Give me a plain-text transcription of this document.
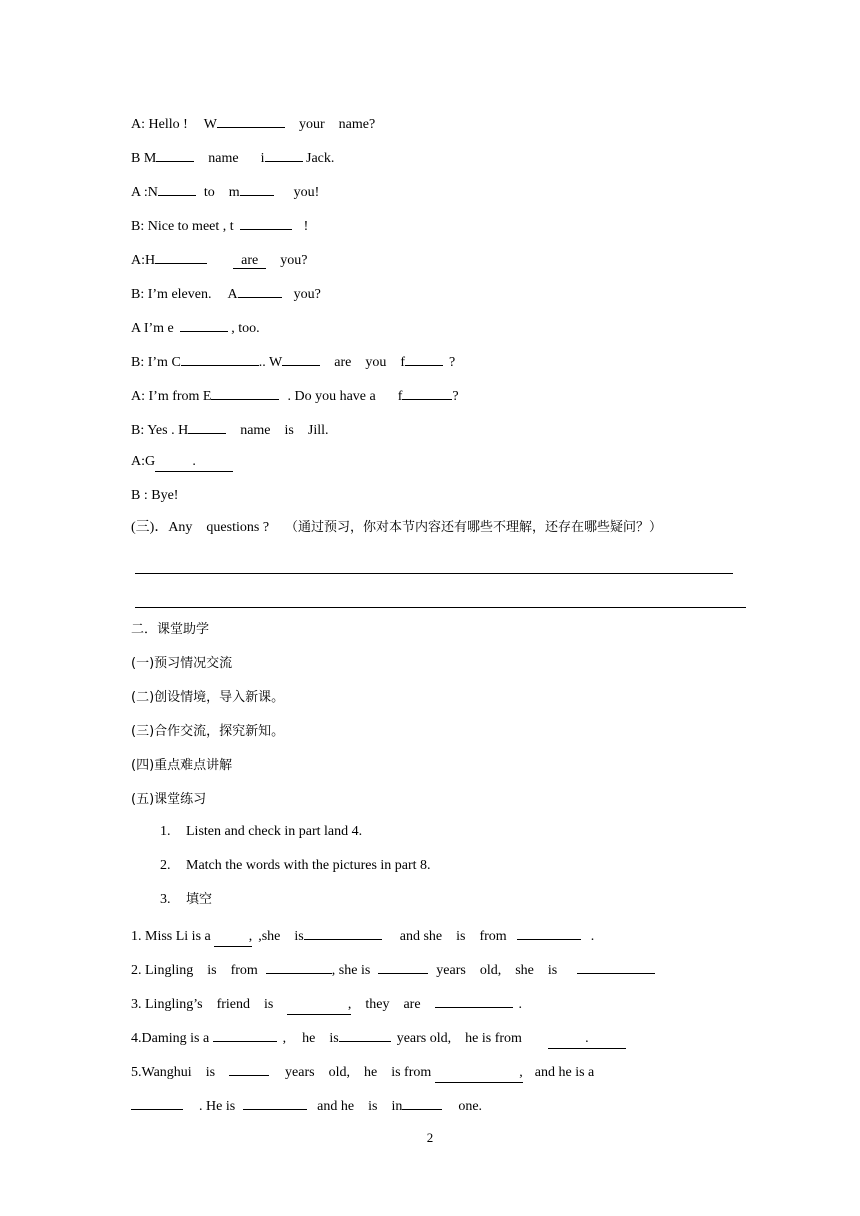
A: Hello ! W	your name?
B M	name i	Jack.
A :N	to m	you!
B: Nice to meet , t	!
A:H	are you?
B: I’m eleven. A	you?
A I’m e	, too.
B: I’m C	.. W	are you f	?
A: I’m from E	. Do you have a f	?
B: Yes . H	name is Jill.
A:G	.
B : Bye!
(三)．Any　questions ? （通过预习，你对本节内容还有哪些不理解，还存在哪些疑问？）
二．课堂助学
(一)预习情况交流
(二)创设情境，导入新课。
(三)合作交流，探究新知。
(四)重点难点讲解
(五)课堂练习
1. Listen and check in part land 4.
2. Match the words with the pictures in part 8.
3. 填空
1. Miss Li is a	, ,she is	and she is from	.
2. Lingling is from	, she is	years old, she is
3. Lingling’s friend is	, they are	.
4.Daming is a	, he is	years old, he is from	.
5.Wanghui is	years old, he is from	, and he is a
. He is	and he is in	one.
2
